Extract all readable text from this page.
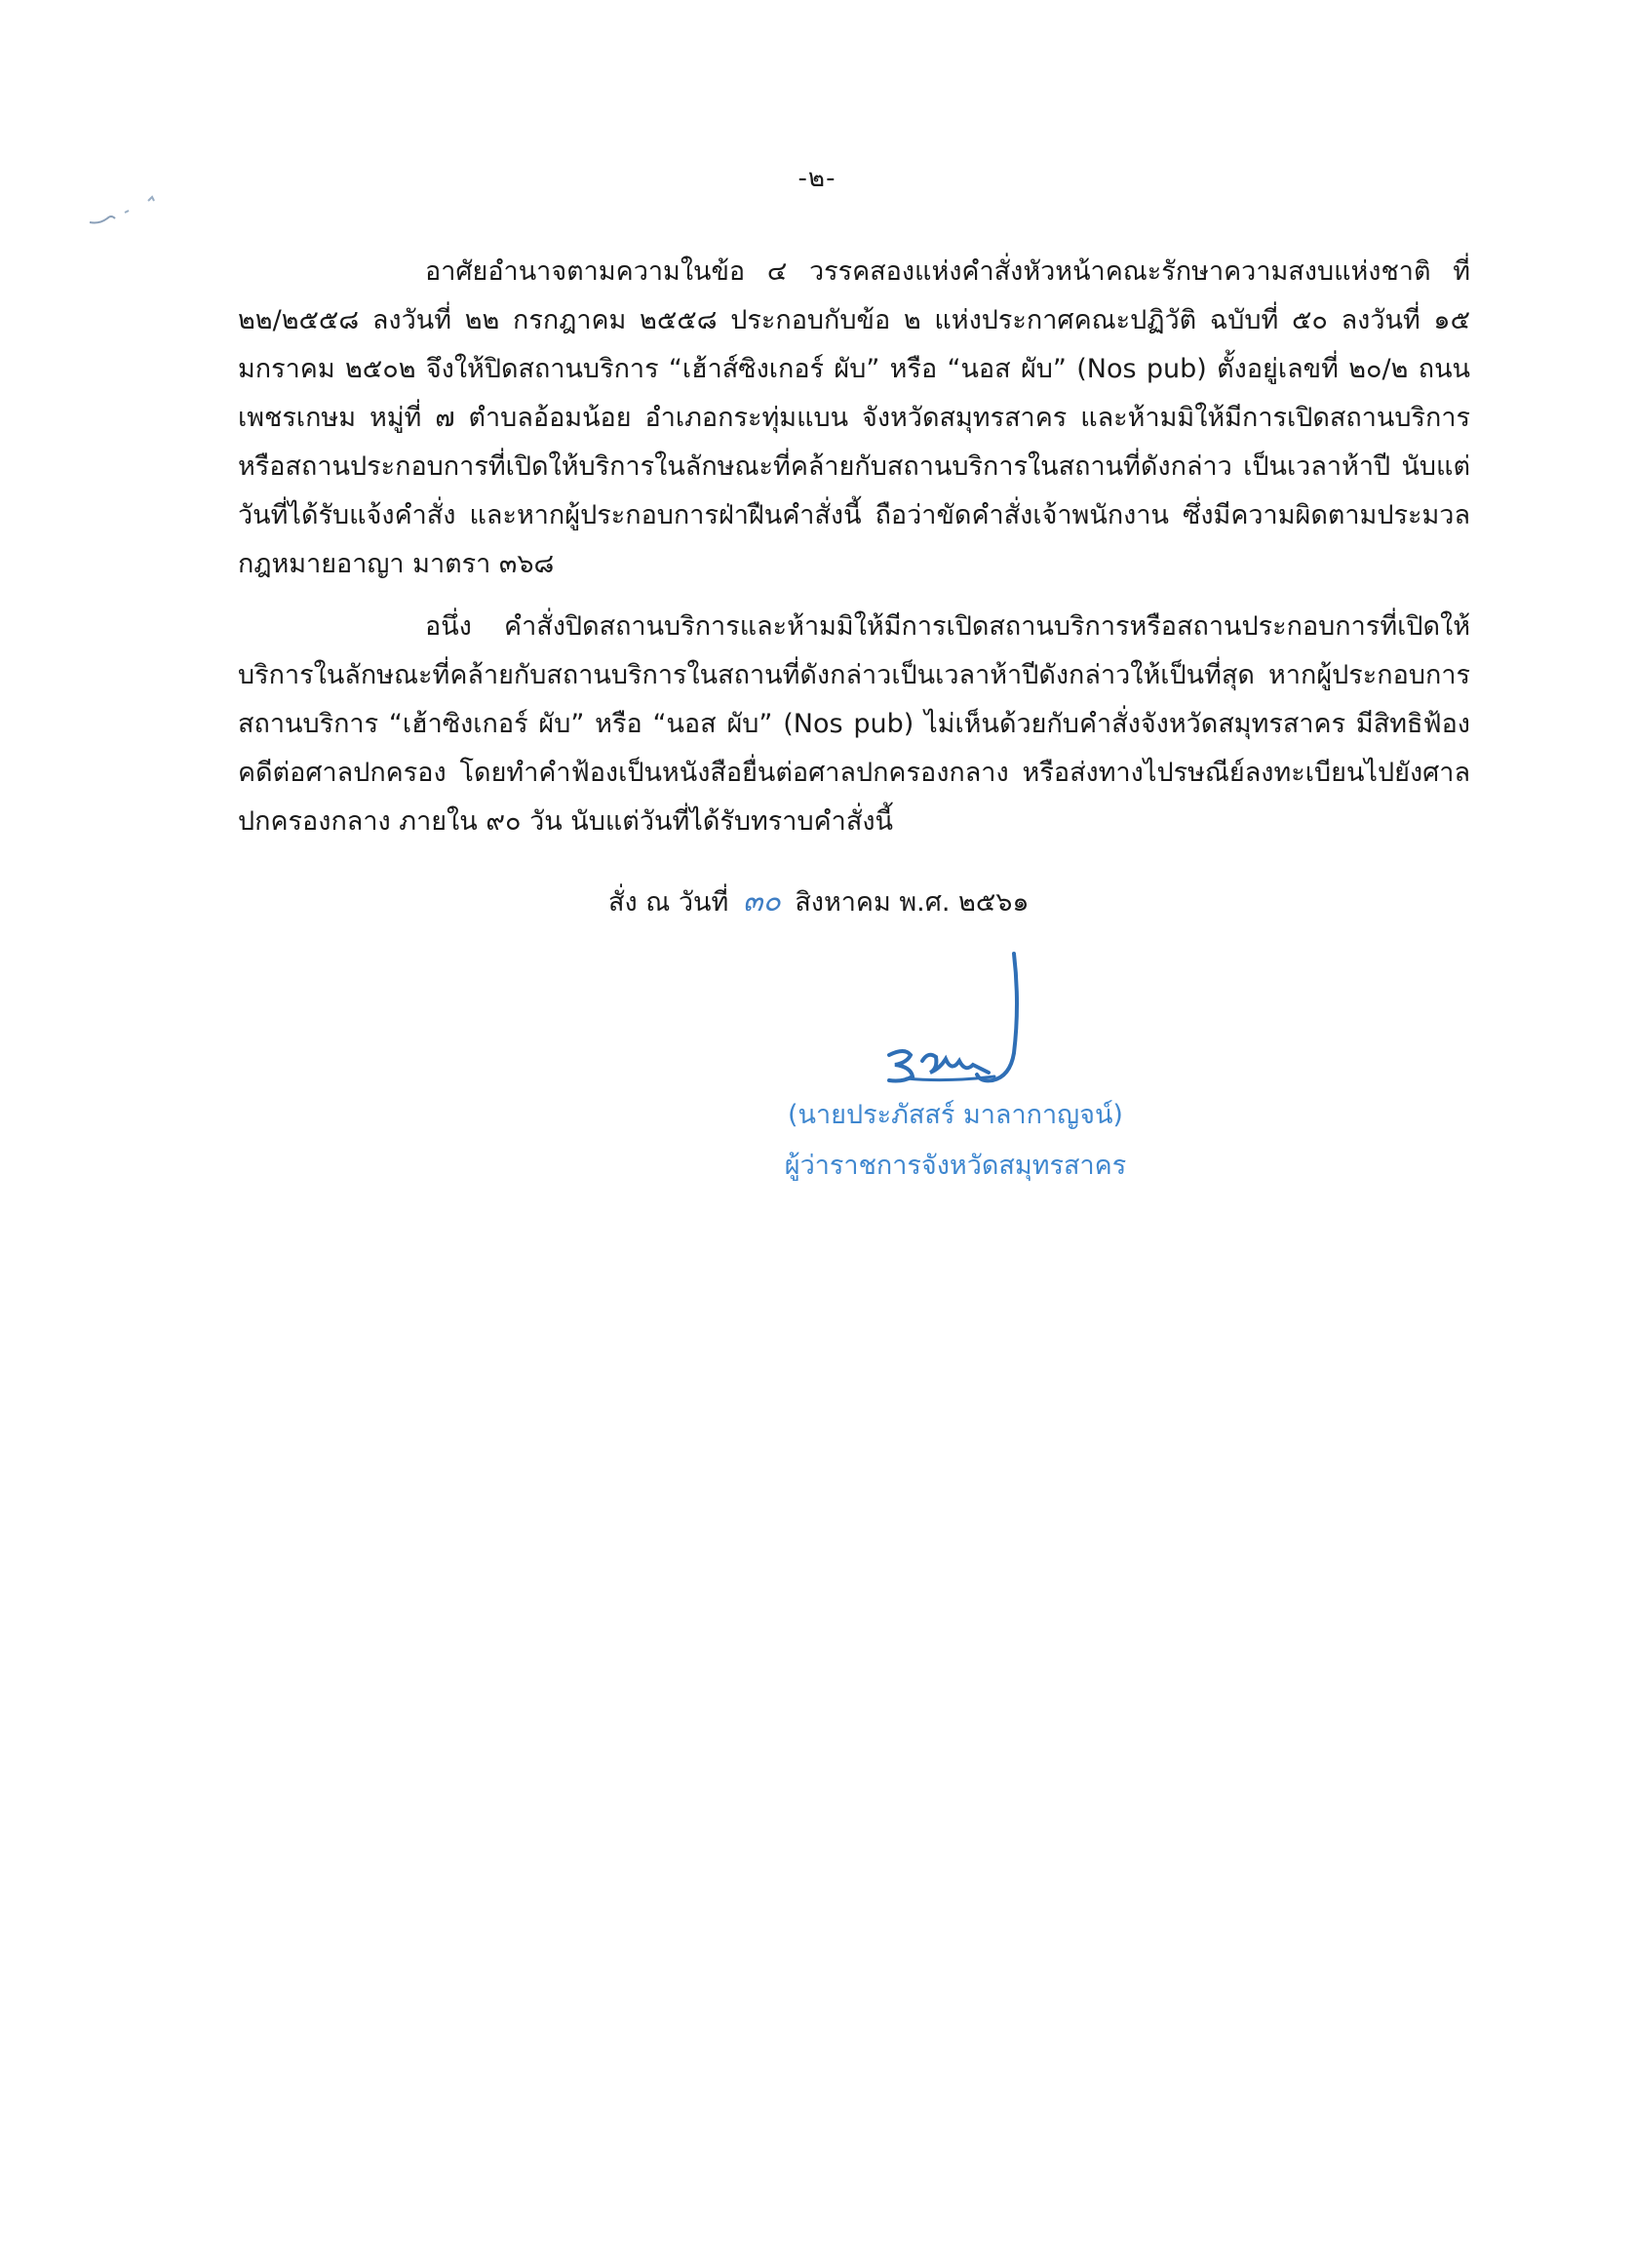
-๒-

อาศัยอำนาจตามความในข้อ ๔ วรรคสองแห่งคำสั่งหัวหน้าคณะรักษาความสงบแห่งชาติ ที่ ๒๒/๒๕๕๘ ลงวันที่ ๒๒ กรกฎาคม ๒๕๕๘ ประกอบกับข้อ ๒ แห่งประกาศคณะปฏิวัติ ฉบับที่ ๕๐ ลงวันที่ ๑๕ มกราคม ๒๕๐๒ จึงให้ปิดสถานบริการ “เฮ้าส์ซิงเกอร์ ผับ” หรือ “นอส ผับ” (Nos pub) ตั้งอยู่เลขที่ ๒๐/๒ ถนนเพชรเกษม หมู่ที่ ๗ ตำบลอ้อมน้อย อำเภอกระทุ่มแบน จังหวัดสมุทรสาคร และห้ามมิให้มีการเปิดสถานบริการหรือสถานประกอบการที่เปิดให้บริการในลักษณะที่คล้ายกับสถานบริการในสถานที่ดังกล่าว เป็นเวลาห้าปี นับแต่วันที่ได้รับแจ้งคำสั่ง และหากผู้ประกอบการฝ่าฝืนคำสั่งนี้ ถือว่าขัดคำสั่งเจ้าพนักงาน ซึ่งมีความผิดตามประมวลกฎหมายอาญา มาตรา ๓๖๘

อนึ่ง คำสั่งปิดสถานบริการและห้ามมิให้มีการเปิดสถานบริการหรือสถานประกอบการที่เปิดให้บริการในลักษณะที่คล้ายกับสถานบริการในสถานที่ดังกล่าวเป็นเวลาห้าปีดังกล่าวให้เป็นที่สุด หากผู้ประกอบการสถานบริการ “เฮ้าซิงเกอร์ ผับ” หรือ “นอส ผับ” (Nos pub) ไม่เห็นด้วยกับคำสั่งจังหวัดสมุทรสาคร มีสิทธิฟ้องคดีต่อศาลปกครอง โดยทำคำฟ้องเป็นหนังสือยื่นต่อศาลปกครองกลาง หรือส่งทางไปรษณีย์ลงทะเบียนไปยังศาลปกครองกลาง ภายใน ๙๐ วัน นับแต่วันที่ได้รับทราบคำสั่งนี้

สั่ง ณ วันที่ ๓๐ สิงหาคม พ.ศ. ๒๕๖๑
(นายประภัสสร์ มาลากาญจน์)
ผู้ว่าราชการจังหวัดสมุทรสาคร
